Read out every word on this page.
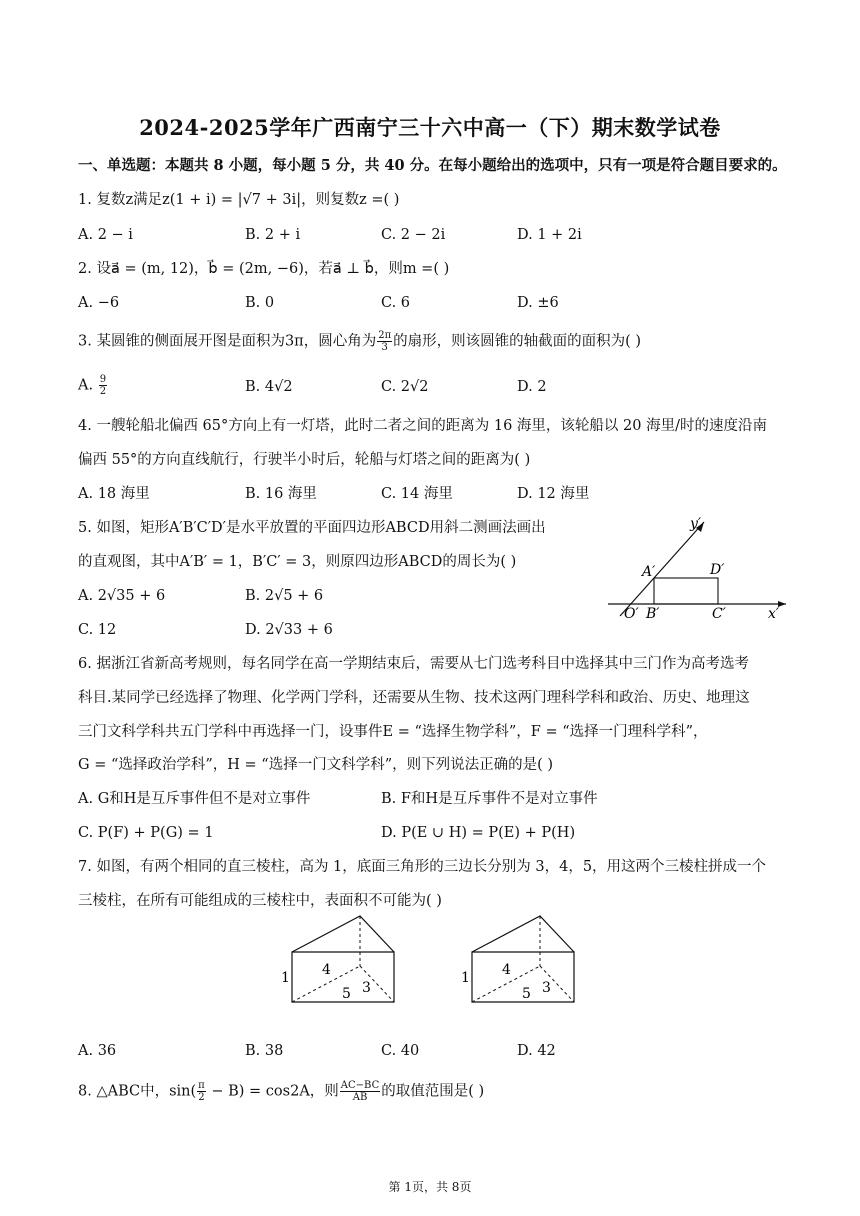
2024-2025学年广西南宁三十六中高一（下）期末数学试卷
一、单选题：本题共 8 小题，每小题 5 分，共 40 分。在每小题给出的选项中，只有一项是符合题目要求的。
1. 复数z满足z(1 + i) = |√7 + 3i|，则复数z =( )
A. 2 − i	B. 2 + i	C. 2 − 2i	D. 1 + 2i
2. 设a⃗ = (m, 12)，b⃗ = (2m, −6)，若a⃗ ⊥ b⃗，则m =( )
A. −6	B. 0	C. 6	D. ±6
3. 某圆锥的侧面展开图是面积为3π，圆心角为 $\frac{2\pi}{3}$ 的扇形，则该圆锥的轴截面的面积为( )
A. $\frac{9}{2}$	B. 4√2	C. 2√2	D. 2
4. 一艘轮船北偏西 65°方向上有一灯塔，此时二者之间的距离为 16 海里，该轮船以 20 海里/时的速度沿南
偏西 55°的方向直线航行，行驶半小时后，轮船与灯塔之间的距离为( )
A. 18 海里	B. 16 海里	C. 14 海里	D. 12 海里
5. 如图，矩形A′B′C′D′是水平放置的平面四边形ABCD用斜二测画法画出
的直观图，其中A′B′ = 1，B′C′ = 3，则原四边形ABCD的周长为( )
A. 2√35 + 6	B. 2√5 + 6
C. 12	D. 2√33 + 6
y′
x′
O′
A′
B′	C′
D′
6. 据浙江省新高考规则，每名同学在高一学期结束后，需要从七门选考科目中选择其中三门作为高考选考
科目.某同学已经选择了物理、化学两门学科，还需要从生物、技术这两门理科学科和政治、历史、地理这
三门文科学科共五门学科中再选择一门，设事件E = “选择生物学科”，F = “选择一门理科学科”，
G = “选择政治学科”，H = “选择一门文科学科”，则下列说法正确的是( )
A. G和H是互斥事件但不是对立事件	B. F和H是互斥事件不是对立事件
C. P(F) + P(G) = 1	D. P(E ∪ H) = P(E) + P(H)
7. 如图，有两个相同的直三棱柱，高为 1，底面三角形的三边长分别为 3，4，5，用这两个三棱柱拼成一个
三棱柱，在所有可能组成的三棱柱中，表面积不可能为( )
1 4
5 3
1 4
5 3
A. 36	B. 38	C. 40	D. 42
8. △ABC中，$\sin( \frac{\pi}{2} - B) = \cos 2A$，则 $\frac{AC-BC}{AB}$ 的取值范围是( )
第 1页，共 8页
